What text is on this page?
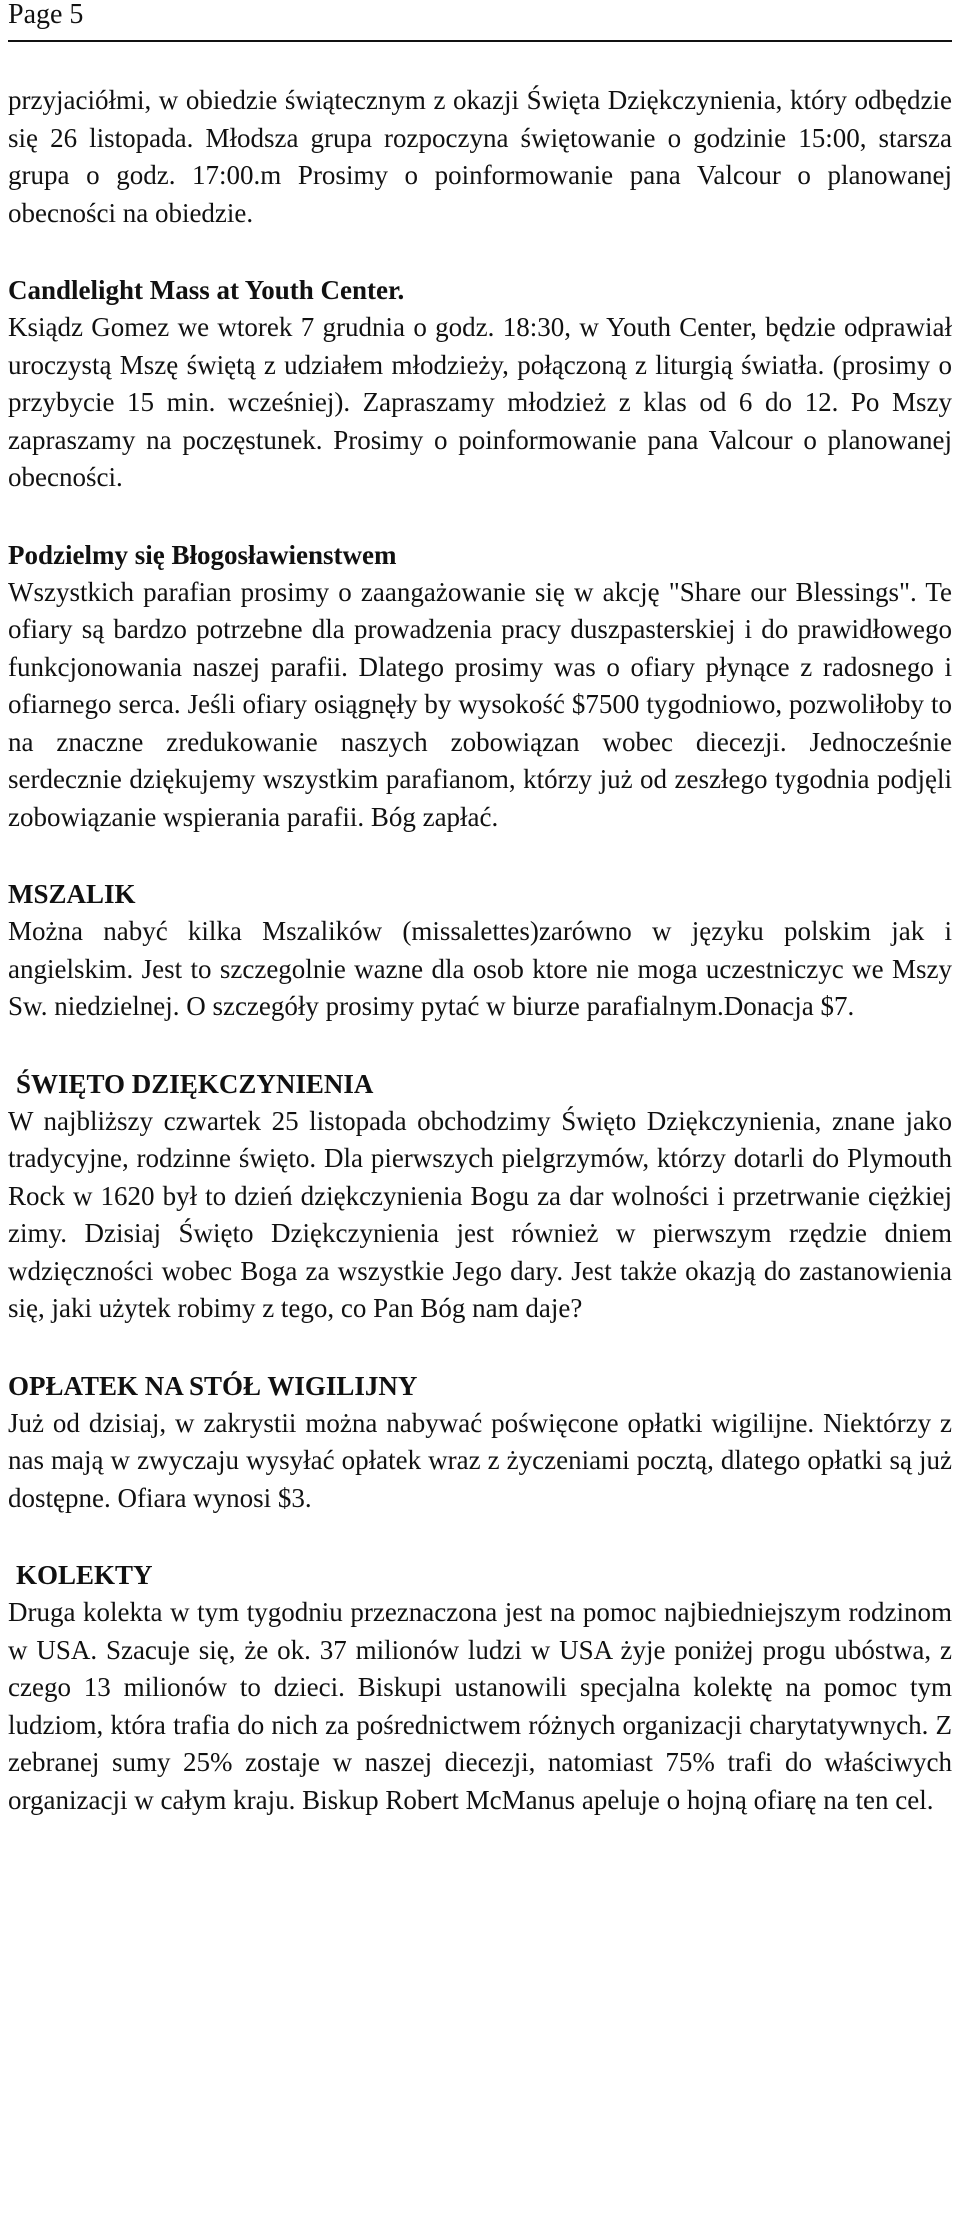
Page 5

przyjaciółmi, w obiedzie świątecznym z okazji Święta Dziękczynienia, który odbędzie się 26 listopada. Młodsza grupa rozpoczyna świętowanie o godzinie 15:00, starsza grupa o godz. 17:00.m Prosimy o poinformowanie pana Valcour o planowanej obecności na obiedzie.

Candlelight Mass at Youth Center.

Ksiądz Gomez we wtorek 7 grudnia o godz. 18:30, w Youth Center, będzie odprawiał uroczystą Mszę świętą z udziałem młodzieży, połączoną z liturgią światła. (prosimy o przybycie 15 min. wcześniej). Zapraszamy młodzież z klas od 6 do 12. Po Mszy zapraszamy na poczęstunek. Prosimy o poinformowanie pana Valcour o planowanej obecności.

Podzielmy się Błogosławienstwem

Wszystkich parafian prosimy o zaangażowanie się w akcję "Share our Blessings". Te ofiary są bardzo potrzebne dla prowadzenia pracy duszpasterskiej i do prawidłowego funkcjonowania naszej parafii. Dlatego prosimy was o ofiary płynące z radosnego i ofiarnego serca. Jeśli ofiary osiągnęły by wysokość $7500 tygodniowo, pozwoliłoby to na znaczne zredukowanie naszych zobowiązan wobec diecezji. Jednocześnie serdecznie dziękujemy wszystkim parafianom, którzy już od zeszłego tygodnia podjęli zobowiązanie wspierania parafii. Bóg zapłać.

MSZALIK

Można nabyć kilka Mszalików (missalettes)zarówno w języku polskim jak i angielskim. Jest to szczegolnie wazne dla osob ktore nie moga uczestniczyc we Mszy Sw. niedzielnej. O szczegóły prosimy pytać w biurze parafialnym.Donacja $7.

ŚWIĘTO DZIĘKCZYNIENIA

W najbliższy czwartek 25 listopada obchodzimy Święto Dziękczynienia, znane jako tradycyjne, rodzinne święto. Dla pierwszych pielgrzymów, którzy dotarli do Plymouth Rock w 1620 był to dzień dziękczynienia Bogu za dar wolności i przetrwanie ciężkiej zimy. Dzisiaj Święto Dziękczynienia jest również w pierwszym rzędzie dniem wdzięczności wobec Boga za wszystkie Jego dary. Jest także okazją do zastanowienia się, jaki użytek robimy z tego, co Pan Bóg nam daje?

OPŁATEK NA STÓŁ WIGILIJNY

Już od dzisiaj, w zakrystii można nabywać poświęcone opłatki wigilijne. Niektórzy z nas mają w zwyczaju wysyłać opłatek wraz z życzeniami pocztą, dlatego opłatki są już dostępne. Ofiara wynosi $3.

KOLEKTY

Druga kolekta w tym tygodniu przeznaczona jest na pomoc najbiedniejszym rodzinom w USA. Szacuje się, że ok. 37 milionów ludzi w USA żyje poniżej progu ubóstwa, z czego 13 milionów to dzieci. Biskupi ustanowili specjalna kolektę na pomoc tym ludziom, która trafia do nich za pośrednictwem różnych organizacji charytatywnych. Z zebranej sumy 25% zostaje w naszej diecezji, natomiast 75% trafi do właściwych organizacji w całym kraju. Biskup Robert McManus apeluje o hojną ofiarę na ten cel.
